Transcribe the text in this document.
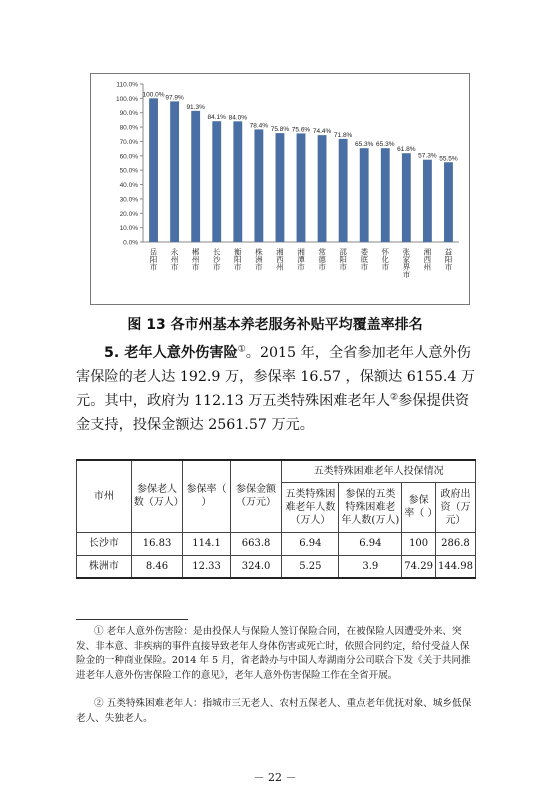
0.0%
10.0%
20.0%
30.0%
40.0%
50.0%
60.0%
70.0%
80.0%
90.0%
100.0%
110.0%
100.0%
岳阳市
97.9%
永州市
91.3%
郴州市
84.1%
长沙市
84.0%
衡阳市
78.4%
株洲市
75.8%
湘西州
75.6%
湘潭市
74.4%
常德市
71.8%
邵阳市
65.3%
娄底市
65.3%
怀化市
61.8%
张家界市
57.3%
湘西州
55.5%
益阳市
图 13 各市州基本养老服务补贴平均覆盖率排名

5. 老年人意外伤害险①。2015 年，全省参加老年人意外伤害保险的老人达 192.9 万，参保率 16.57 ，保额达 6155.4 万元。其中，政府为 112.13 万五类特殊困难老年人②参保提供资金支持，投保金额达 2561.57 万元。

市州	参保老人数（万人）	参保率（ ）	参保金额（万元）	五类特殊困难老年人投保情况			
				五类特殊困难老年人数（万人）	参保的五类特殊困难老年人数(万人)	参保率（ ）	政府出资（万元）
长沙市	16.83	114.1	663.8	6.94	6.94	100	286.8
株洲市	8.46	12.33	324.0	5.25	3.9	74.29	144.98

① 老年人意外伤害险：是由投保人与保险人签订保险合同，在被保险人因遭受外来、突发、非本意、非疾病的事件直接导致老年人身体伤害或死亡时，依照合同约定，给付受益人保险金的一种商业保险。2014 年 5 月，省老龄办与中国人寿湖南分公司联合下发《关于共同推进老年人意外伤害保险工作的意见》，老年人意外伤害保险工作在全省开展。

② 五类特殊困难老年人：指城市三无老人、农村五保老人、重点老年优抚对象、城乡低保老人、失独老人。

－ 22 －
